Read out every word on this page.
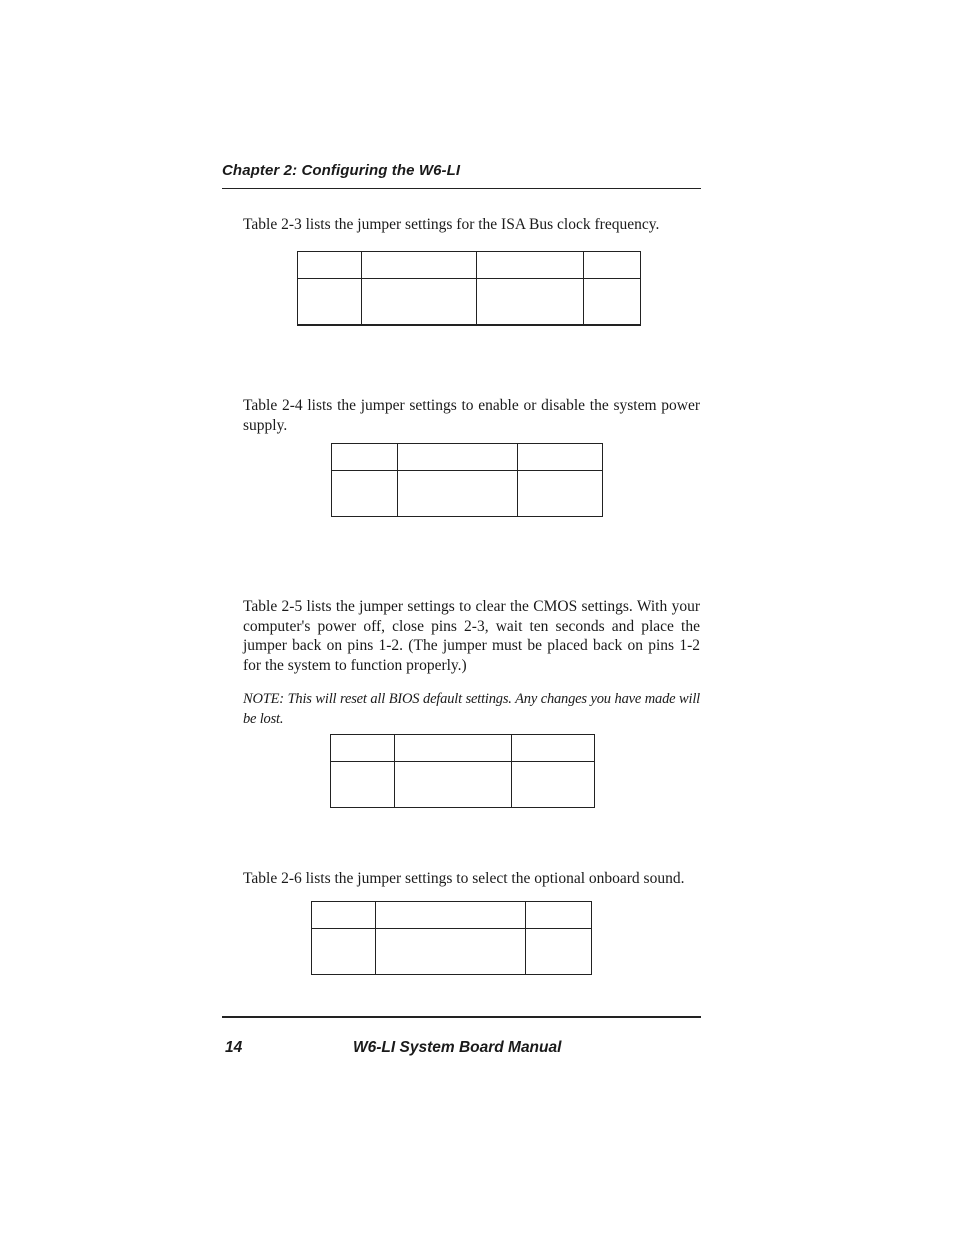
Chapter 2: Configuring the W6-LI

Table 2-3 lists the jumper settings for the ISA Bus clock frequency.

Table 2-4 lists the jumper settings to enable or disable the system power supply.

Table 2-5 lists the jumper settings to clear the CMOS settings. With your computer's power off, close pins 2-3, wait ten seconds and place the jumper back on pins 1-2. (The jumper must be placed back on pins 1-2 for the system to function properly.)

NOTE: This will reset all BIOS default settings. Any changes you have made will be lost.

Table 2-6 lists the jumper settings to select the optional onboard sound.

14	W6-LI System Board Manual
